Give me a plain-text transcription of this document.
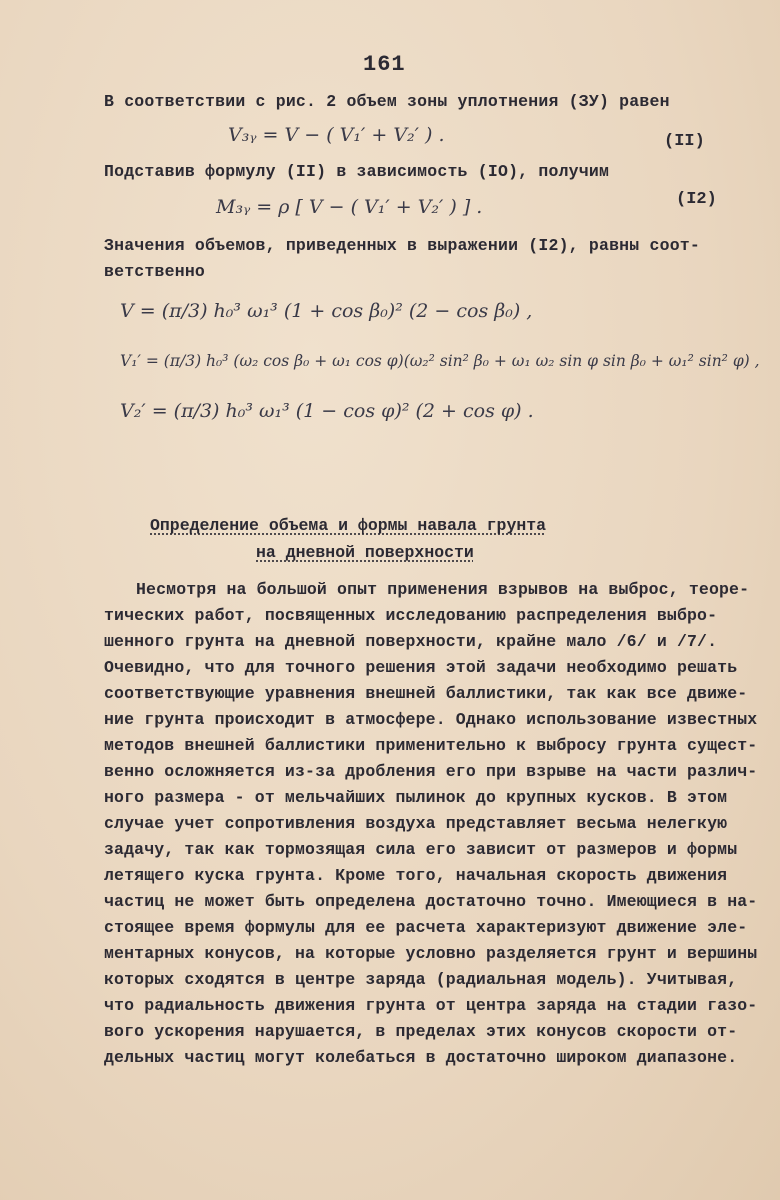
161
В соответствии с рис. 2 объем зоны уплотнения (ЗУ) равен
V₃ᵧ = V − ( V₁′ + V₂′ ) .	(II)
Подставив формулу (II) в зависимость (IO), получим
M₃ᵧ = ρ [ V − ( V₁′ + V₂′ ) ] .	(I2)
Значения объемов, приведенных в выражении (I2), равны соот-
ветственно
V = (π/3) h₀³ ω₁³ (1 + cos β₀)² (2 − cos β₀) ,
V₁′ = (π/3) h₀³ (ω₂ cos β₀ + ω₁ cos φ)(ω₂² sin² β₀ + ω₁ ω₂ sin φ sin β₀ + ω₁² sin² φ) ,
V₂′ = (π/3) h₀³ ω₁³ (1 − cos φ)² (2 + cos φ) .
Определение объема и формы навала грунта
на дневной поверхности
Несмотря на большой опыт применения взрывов на выброс, теоре-
тических работ, посвященных исследованию распределения выбро-
шенного грунта на дневной поверхности, крайне мало /6/ и /7/.
Очевидно, что для точного решения этой задачи необходимо решать
соответствующие уравнения внешней баллистики, так как все движе-
ние грунта происходит в атмосфере. Однако использование известных
методов внешней баллистики применительно к выбросу грунта сущест-
венно осложняется из-за дробления его при взрыве на части различ-
ного размера - от мельчайших пылинок до крупных кусков. В этом
случае учет сопротивления воздуха представляет весьма нелегкую
задачу, так как тормозящая сила его зависит от размеров и формы
летящего куска грунта. Кроме того, начальная скорость движения
частиц не может быть определена достаточно точно. Имеющиеся в на-
стоящее время формулы для ее расчета характеризуют движение эле-
ментарных конусов, на которые условно разделяется грунт и вершины
которых сходятся в центре заряда (радиальная модель). Учитывая,
что радиальность движения грунта от центра заряда на стадии газо-
вого ускорения нарушается, в пределах этих конусов скорости от-
дельных частиц могут колебаться в достаточно широком диапазоне.
